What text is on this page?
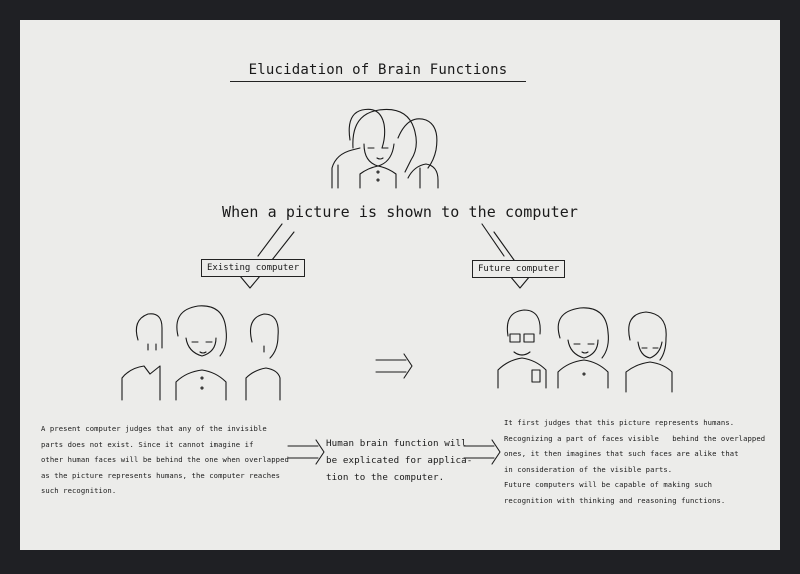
Elucidation of Brain Functions
When a picture is shown to the computer
Existing computer	Future computer
A present computer judges that any of the invisible
parts does not exist. Since it cannot imagine if
other human faces will be behind the one when overlapped
as the picture represents humans, the computer reaches
such recognition.
Human brain function will
be explicated for applica-
tion to the computer.
It first judges that this picture represents humans.
Recognizing a part of faces visible   behind the overlapped
ones, it then imagines that such faces are alike that
in consideration of the visible parts.
Future computers will be capable of making such
recognition with thinking and reasoning functions.
